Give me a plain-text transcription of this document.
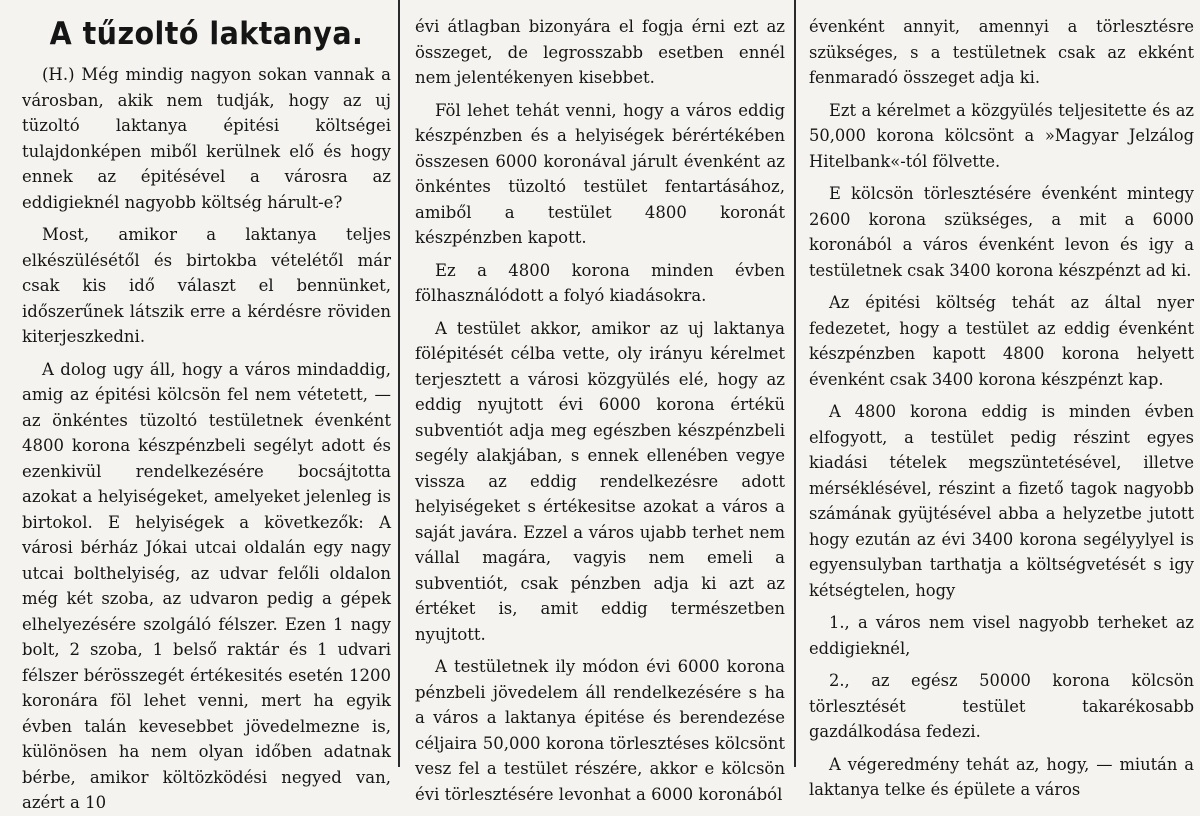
A tűzoltó laktanya.

(H.) Még mindig nagyon sokan vannak a városban, akik nem tudják, hogy az uj tüzoltó laktanya épitési költségei tulajdonképen miből kerülnek elő és hogy ennek az épitésével a városra az eddigieknél nagyobb költség hárult-e?

Most, amikor a laktanya teljes elkészülésétől és birtokba vételétől már csak kis idő választ el bennünket, időszerűnek látszik erre a kérdésre röviden kiterjeszkedni.

A dolog ugy áll, hogy a város mindaddig, amig az épitési kölcsön fel nem vétetett, — az önkéntes tüzoltó testületnek évenként 4800 korona készpénzbeli segélyt adott és ezenkivül rendelkezésére bocsájtotta azokat a helyiségeket, amelyeket jelenleg is birtokol. E helyiségek a következők: A városi bérház Jókai utcai oldalán egy nagy utcai bolthelyiség, az udvar felőli oldalon még két szoba, az udvaron pedig a gépek elhelyezésére szolgáló félszer. Ezen 1 nagy bolt, 2 szoba, 1 belső raktár és 1 udvari félszer bérösszegét értékesités esetén 1200 koronára föl lehet venni, mert ha egyik évben talán kevesebbet jövedelmezne is, különösen ha nem olyan időben adatnak bérbe, amikor költözködési negyed van, azért a 10

évi átlagban bizonyára el fogja érni ezt az összeget, de legrosszabb esetben ennél nem jelentékenyen kisebbet.

Föl lehet tehát venni, hogy a város eddig készpénzben és a helyiségek bérértékében összesen 6000 koronával járult évenként az önkéntes tüzoltó testület fentartásához, amiből a testület 4800 koronát készpénzben kapott.

Ez a 4800 korona minden évben fölhasználódott a folyó kiadásokra.

A testület akkor, amikor az uj laktanya fölépitését célba vette, oly irányu kérelmet terjesztett a városi közgyülés elé, hogy az eddig nyujtott évi 6000 korona értékü subventiót adja meg egészben készpénzbeli segély alakjában, s ennek ellenében vegye vissza az eddig rendelkezésre adott helyiségeket s értékesitse azokat a város a saját javára. Ezzel a város ujabb terhet nem vállal magára, vagyis nem emeli a subventiót, csak pénzben adja ki azt az értéket is, amit eddig természetben nyujtott.

A testületnek ily módon évi 6000 korona pénzbeli jövedelem áll rendelkezésére s ha a város a laktanya épitése és berendezése céljaira 50,000 korona törlesztéses kölcsönt vesz fel a testület részére, akkor e kölcsön évi törlesztésére levonhat a 6000 koronából

évenként annyit, amennyi a törlesztésre szükséges, s a testületnek csak az ekként fenmaradó összeget adja ki.

Ezt a kérelmet a közgyülés teljesitette és az 50,000 korona kölcsönt a »Magyar Jelzálog Hitelbank«-tól fölvette.

E kölcsön törlesztésére évenként mintegy 2600 korona szükséges, a mit a 6000 koronából a város évenként levon és igy a testületnek csak 3400 korona készpénzt ad ki.

Az épitési költség tehát az által nyer fedezetet, hogy a testület az eddig évenként készpénzben kapott 4800 korona helyett évenként csak 3400 korona készpénzt kap.

A 4800 korona eddig is minden évben elfogyott, a testület pedig részint egyes kiadási tételek megszüntetésével, illetve mérséklésével, részint a fizető tagok nagyobb számának gyüjtésével abba a helyzetbe jutott hogy ezután az évi 3400 korona segélyylyel is egyensulyban tarthatja a költségvetését s igy kétségtelen, hogy

1., a város nem visel nagyobb terheket az eddigieknél,

2., az egész 50000 korona kölcsön törlesztését testület takarékosabb gazdálkodása fedezi.

A végeredmény tehát az, hogy, — miután a laktanya telke és épülete a város
